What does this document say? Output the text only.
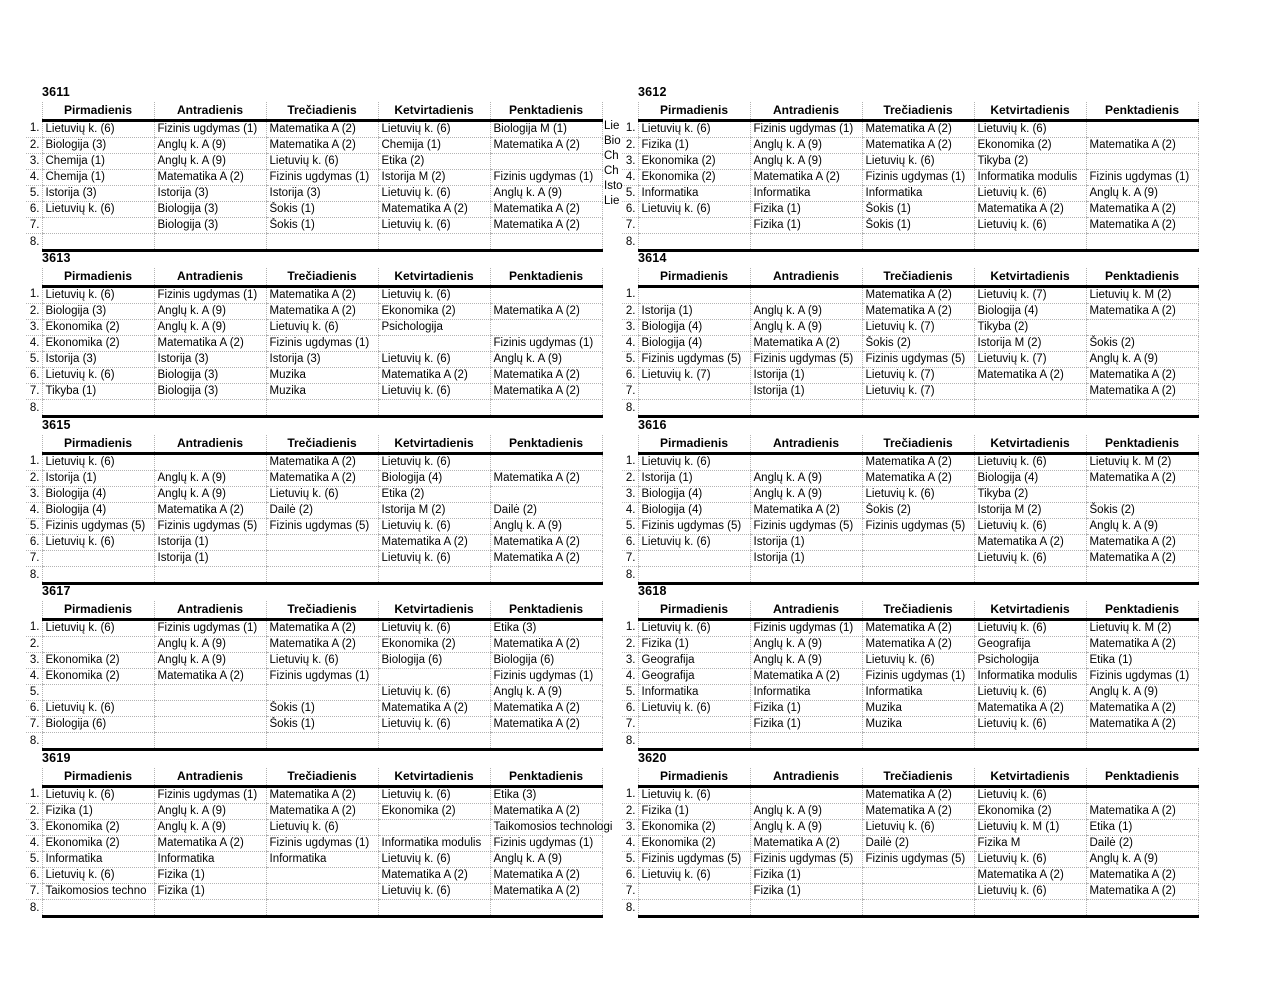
3611
	Pirmadienis	Antradienis	Trečiadienis	Ketvirtadienis	Penktadienis
1.	Lietuvių k. (6)	Fizinis ugdymas (1)	Matematika A (2)	Lietuvių k. (6)	Biologija M (1)
2.	Biologija (3)	Anglų k. A (9)	Matematika A (2)	Chemija (1)	Matematika A (2)
3.	Chemija (1)	Anglų k. A (9)	Lietuvių k. (6)	Etika (2)	
4.	Chemija (1)	Matematika A (2)	Fizinis ugdymas (1)	Istorija M (2)	Fizinis ugdymas (1)
5.	Istorija (3)	Istorija (3)	Istorija (3)	Lietuvių k. (6)	Anglų k. A (9)
6.	Lietuvių k. (6)	Biologija (3)	Šokis (1)	Matematika A (2)	Matematika A (2)
7.		Biologija (3)	Šokis (1)	Lietuvių k. (6)	Matematika A (2)
8.					
Lie
Bio
Ch
Ch
Isto
Lie
3612
	Pirmadienis	Antradienis	Trečiadienis	Ketvirtadienis	Penktadienis
1.	Lietuvių k. (6)	Fizinis ugdymas (1)	Matematika A (2)	Lietuvių k. (6)	
2.	Fizika (1)	Anglų k. A (9)	Matematika A (2)	Ekonomika (2)	Matematika A (2)
3.	Ekonomika (2)	Anglų k. A (9)	Lietuvių k. (6)	Tikyba (2)	
4.	Ekonomika (2)	Matematika A (2)	Fizinis ugdymas (1)	Informatika modulis	Fizinis ugdymas (1)
5.	Informatika	Informatika	Informatika	Lietuvių k. (6)	Anglų k. A (9)
6.	Lietuvių k. (6)	Fizika (1)	Šokis (1)	Matematika A (2)	Matematika A (2)
7.		Fizika (1)	Šokis (1)	Lietuvių k. (6)	Matematika A (2)
8.					
3613
	Pirmadienis	Antradienis	Trečiadienis	Ketvirtadienis	Penktadienis
1.	Lietuvių k. (6)	Fizinis ugdymas (1)	Matematika A (2)	Lietuvių k. (6)	
2.	Biologija (3)	Anglų k. A (9)	Matematika A (2)	Ekonomika (2)	Matematika A (2)
3.	Ekonomika (2)	Anglų k. A (9)	Lietuvių k. (6)	Psichologija	
4.	Ekonomika (2)	Matematika A (2)	Fizinis ugdymas (1)		Fizinis ugdymas (1)
5.	Istorija (3)	Istorija (3)	Istorija (3)	Lietuvių k. (6)	Anglų k. A (9)
6.	Lietuvių k. (6)	Biologija (3)	Muzika	Matematika A (2)	Matematika A (2)
7.	Tikyba (1)	Biologija (3)	Muzika	Lietuvių k. (6)	Matematika A (2)
8.					
3614
	Pirmadienis	Antradienis	Trečiadienis	Ketvirtadienis	Penktadienis
1.			Matematika A (2)	Lietuvių k. (7)	Lietuvių k. M (2)
2.	Istorija (1)	Anglų k. A (9)	Matematika A (2)	Biologija (4)	Matematika A (2)
3.	Biologija (4)	Anglų k. A (9)	Lietuvių k. (7)	Tikyba (2)	
4.	Biologija (4)	Matematika A (2)	Šokis (2)	Istorija M (2)	Šokis (2)
5.	Fizinis ugdymas (5)	Fizinis ugdymas (5)	Fizinis ugdymas (5)	Lietuvių k. (7)	Anglų k. A (9)
6.	Lietuvių k. (7)	Istorija (1)	Lietuvių k. (7)	Matematika A (2)	Matematika A (2)
7.		Istorija (1)	Lietuvių k. (7)		Matematika A (2)
8.					
3615
	Pirmadienis	Antradienis	Trečiadienis	Ketvirtadienis	Penktadienis
1.	Lietuvių k. (6)		Matematika A (2)	Lietuvių k. (6)	
2.	Istorija (1)	Anglų k. A (9)	Matematika A (2)	Biologija (4)	Matematika A (2)
3.	Biologija (4)	Anglų k. A (9)	Lietuvių k. (6)	Etika (2)	
4.	Biologija (4)	Matematika A (2)	Dailė (2)	Istorija M (2)	Dailė (2)
5.	Fizinis ugdymas (5)	Fizinis ugdymas (5)	Fizinis ugdymas (5)	Lietuvių k. (6)	Anglų k. A (9)
6.	Lietuvių k. (6)	Istorija (1)		Matematika A (2)	Matematika A (2)
7.		Istorija (1)		Lietuvių k. (6)	Matematika A (2)
8.					
3616
	Pirmadienis	Antradienis	Trečiadienis	Ketvirtadienis	Penktadienis
1.	Lietuvių k. (6)		Matematika A (2)	Lietuvių k. (6)	Lietuvių k. M (2)
2.	Istorija (1)	Anglų k. A (9)	Matematika A (2)	Biologija (4)	Matematika A (2)
3.	Biologija (4)	Anglų k. A (9)	Lietuvių k. (6)	Tikyba (2)	
4.	Biologija (4)	Matematika A (2)	Šokis (2)	Istorija M (2)	Šokis (2)
5.	Fizinis ugdymas (5)	Fizinis ugdymas (5)	Fizinis ugdymas (5)	Lietuvių k. (6)	Anglų k. A (9)
6.	Lietuvių k. (6)	Istorija (1)		Matematika A (2)	Matematika A (2)
7.		Istorija (1)		Lietuvių k. (6)	Matematika A (2)
8.					
3617
	Pirmadienis	Antradienis	Trečiadienis	Ketvirtadienis	Penktadienis
1.	Lietuvių k. (6)	Fizinis ugdymas (1)	Matematika A (2)	Lietuvių k. (6)	Etika (3)
2.		Anglų k. A (9)	Matematika A (2)	Ekonomika (2)	Matematika A (2)
3.	Ekonomika (2)	Anglų k. A (9)	Lietuvių k. (6)	Biologija (6)	Biologija (6)
4.	Ekonomika (2)	Matematika A (2)	Fizinis ugdymas (1)		Fizinis ugdymas (1)
5.				Lietuvių k. (6)	Anglų k. A (9)
6.	Lietuvių k. (6)		Šokis (1)	Matematika A (2)	Matematika A (2)
7.	Biologija (6)		Šokis (1)	Lietuvių k. (6)	Matematika A (2)
8.					
3618
	Pirmadienis	Antradienis	Trečiadienis	Ketvirtadienis	Penktadienis
1.	Lietuvių k. (6)	Fizinis ugdymas (1)	Matematika A (2)	Lietuvių k. (6)	Lietuvių k. M (2)
2.	Fizika (1)	Anglų k. A (9)	Matematika A (2)	Geografija	Matematika A (2)
3.	Geografija	Anglų k. A (9)	Lietuvių k. (6)	Psichologija	Etika (1)
4.	Geografija	Matematika A (2)	Fizinis ugdymas (1)	Informatika modulis	Fizinis ugdymas (1)
5.	Informatika	Informatika	Informatika	Lietuvių k. (6)	Anglų k. A (9)
6.	Lietuvių k. (6)	Fizika (1)	Muzika	Matematika A (2)	Matematika A (2)
7.		Fizika (1)	Muzika	Lietuvių k. (6)	Matematika A (2)
8.					
3619
	Pirmadienis	Antradienis	Trečiadienis	Ketvirtadienis	Penktadienis
1.	Lietuvių k. (6)	Fizinis ugdymas (1)	Matematika A (2)	Lietuvių k. (6)	Etika (3)
2.	Fizika (1)	Anglų k. A (9)	Matematika A (2)	Ekonomika (2)	Matematika A (2)
3.	Ekonomika (2)	Anglų k. A (9)	Lietuvių k. (6)		Taikomosios technologi
4.	Ekonomika (2)	Matematika A (2)	Fizinis ugdymas (1)	Informatika modulis	Fizinis ugdymas (1)
5.	Informatika	Informatika	Informatika	Lietuvių k. (6)	Anglų k. A (9)
6.	Lietuvių k. (6)	Fizika (1)		Matematika A (2)	Matematika A (2)
7.	Taikomosios techno	Fizika (1)		Lietuvių k. (6)	Matematika A (2)
8.					
3620
	Pirmadienis	Antradienis	Trečiadienis	Ketvirtadienis	Penktadienis
1.	Lietuvių k. (6)		Matematika A (2)	Lietuvių k. (6)	
2.	Fizika (1)	Anglų k. A (9)	Matematika A (2)	Ekonomika (2)	Matematika A (2)
3.	Ekonomika (2)	Anglų k. A (9)	Lietuvių k. (6)	Lietuvių k. M (1)	Etika (1)
4.	Ekonomika (2)	Matematika A (2)	Dailė (2)	Fizika M	Dailė (2)
5.	Fizinis ugdymas (5)	Fizinis ugdymas (5)	Fizinis ugdymas (5)	Lietuvių k. (6)	Anglų k. A (9)
6.	Lietuvių k. (6)	Fizika (1)		Matematika A (2)	Matematika A (2)
7.		Fizika (1)		Lietuvių k. (6)	Matematika A (2)
8.					
